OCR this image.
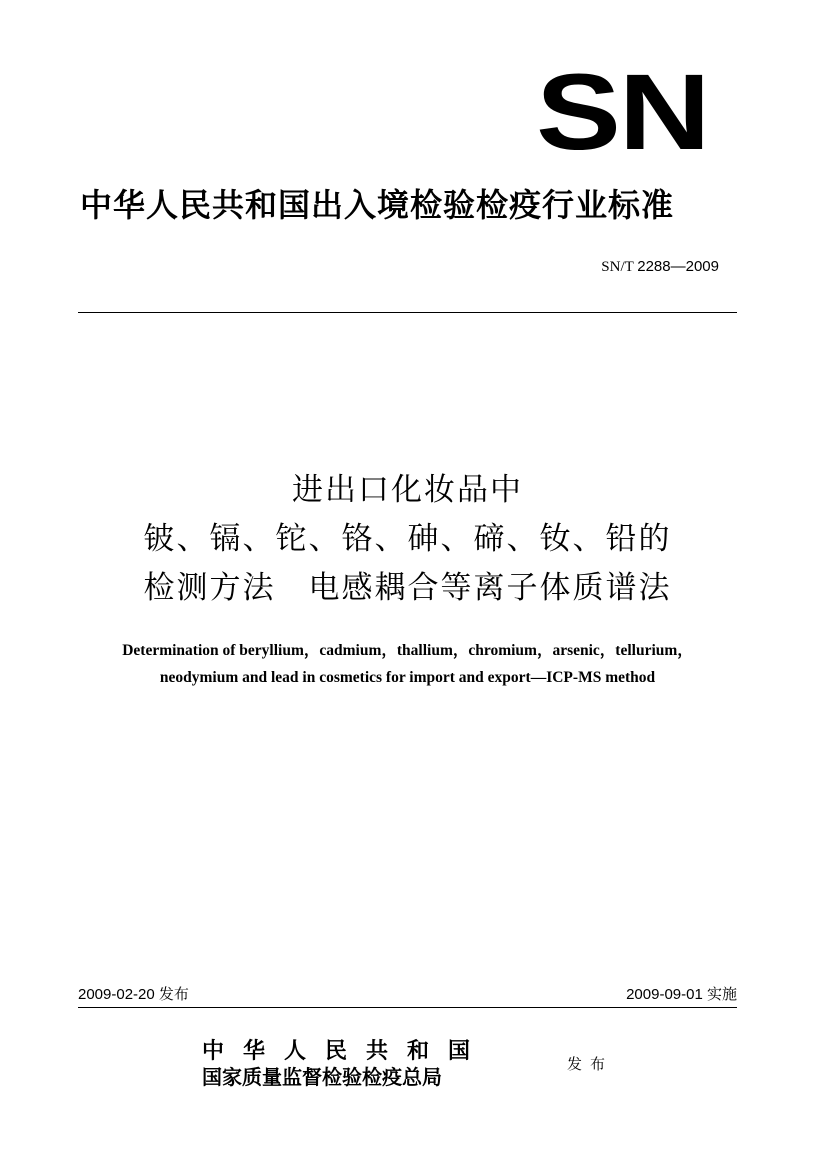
SN
中华人民共和国出入境检验检疫行业标准
SN/T 2288—2009
进出口化妆品中
铍、镉、铊、铬、砷、碲、钕、铅的
检测方法　电感耦合等离子体质谱法
Determination of beryllium，cadmium，thallium，chromium，arsenic，tellurium，
neodymium and lead in cosmetics for import and export—ICP-MS method
2009-02-20 发布	2009-09-01 实施
中华人民共和国
国家质量监督检验检疫总局
发布
